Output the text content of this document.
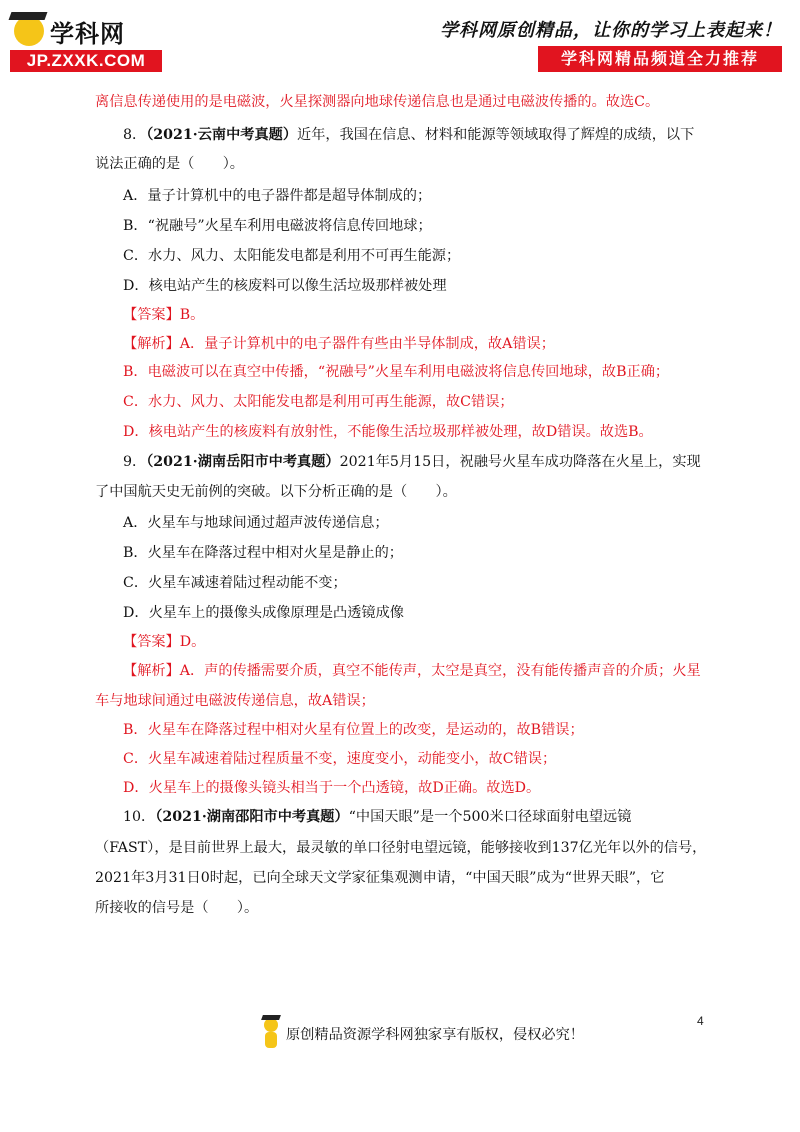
学科网
JP.ZXXK.COM
学科网原创精品，让你的学习上表起来！
学科网精品频道全力推荐
离信息传递使用的是电磁波，火星探测器向地球传递信息也是通过电磁波传播的。故选C。
8．（2021·云南中考真题）近年，我国在信息、材料和能源等领域取得了辉煌的成绩，以下
说法正确的是（　　）。
A．量子计算机中的电子器件都是超导体制成的；
B．“祝融号”火星车利用电磁波将信息传回地球；
C．水力、风力、太阳能发电都是利用不可再生能源；
D．核电站产生的核废料可以像生活垃圾那样被处理
【答案】B。
【解析】A．量子计算机中的电子器件有些由半导体制成，故A错误；
B．电磁波可以在真空中传播，“祝融号”火星车利用电磁波将信息传回地球，故B正确；
C．水力、风力、太阳能发电都是利用可再生能源，故C错误；
D．核电站产生的核废料有放射性，不能像生活垃圾那样被处理，故D错误。故选B。
9．（2021·湖南岳阳市中考真题）2021年5月15日，祝融号火星车成功降落在火星上，实现
了中国航天史无前例的突破。以下分析正确的是（　　）。
A．火星车与地球间通过超声波传递信息；
B．火星车在降落过程中相对火星是静止的；
C．火星车减速着陆过程动能不变；
D．火星车上的摄像头成像原理是凸透镜成像
【答案】D。
【解析】A．声的传播需要介质，真空不能传声，太空是真空，没有能传播声音的介质；火星
车与地球间通过电磁波传递信息，故A错误；
B．火星车在降落过程中相对火星有位置上的改变，是运动的，故B错误；
C．火星车减速着陆过程质量不变，速度变小，动能变小，故C错误；
D．火星车上的摄像头镜头相当于一个凸透镜，故D正确。故选D。
10．（2021·湖南邵阳市中考真题）“中国天眼”是一个500米口径球面射电望远镜
（FAST），是目前世界上最大，最灵敏的单口径射电望远镜，能够接收到137亿光年以外的信号，
2021年3月31日0时起，已向全球天文学家征集观测申请，“中国天眼”成为“世界天眼”，它
所接收的信号是（　　）。
4
原创精品资源学科网独家享有版权，侵权必究！
